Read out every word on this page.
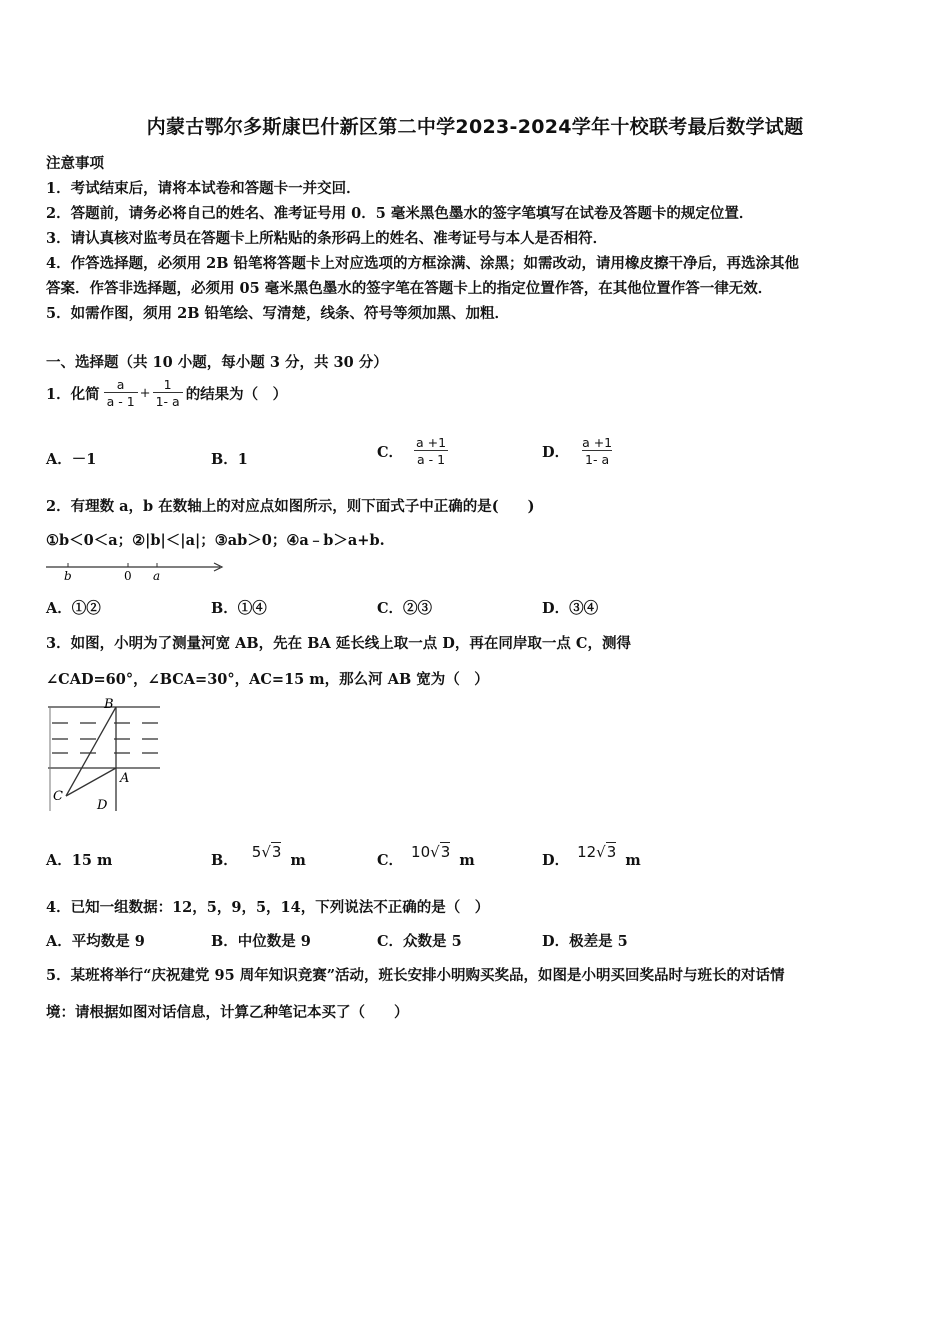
内蒙古鄂尔多斯康巴什新区第二中学2023-2024学年十校联考最后数学试题
注意事项
1．考试结束后，请将本试卷和答题卡一并交回．
2．答题前，请务必将自己的姓名、准考证号用 0．5 毫米黑色墨水的签字笔填写在试卷及答题卡的规定位置．
3．请认真核对监考员在答题卡上所粘贴的条形码上的姓名、准考证号与本人是否相符．
4．作答选择题，必须用 2B 铅笔将答题卡上对应选项的方框涂满、涂黑；如需改动，请用橡皮擦干净后，再选涂其他
答案．作答非选择题，必须用 05 毫米黑色墨水的签字笔在答题卡上的指定位置作答，在其他位置作答一律无效．
5．如需作图，须用 2B 铅笔绘、写清楚，线条、符号等须加黑、加粗．
一、选择题（共 10 小题，每小题 3 分，共 30 分）
1．化简 $\frac{a}{a - 1} + \frac{1}{1- a}$ 的结果为（　）
A．－1	B．1	C． $\frac{a +1}{a - 1}$	D． $\frac{a +1}{1- a}$
2．有理数 a，b 在数轴上的对应点如图所示，则下面式子中正确的是(　　)
①b＜0＜a；②|b|＜|a|；③ab＞0；④a﹣b＞a+b.
b	0 a
A．①②	B．①④	C．②③	D．③④
3．如图，小明为了测量河宽 AB，先在 BA 延长线上取一点 D，再在同岸取一点 C，测得
∠CAD=60°，∠BCA=30°，AC=15 m，那么河 AB 宽为（　）
B
A
C
D
A．15 m	B． 5√3 m	C． 10√3 m	D． 12√3 m
4．已知一组数据：12，5，9，5，14，下列说法不正确的是（　）
A．平均数是 9	B．中位数是 9	C．众数是 5	D．极差是 5
5．某班将举行“庆祝建党 95 周年知识竞赛”活动，班长安排小明购买奖品，如图是小明买回奖品时与班长的对话情
境：请根据如图对话信息，计算乙种笔记本买了（　　）
